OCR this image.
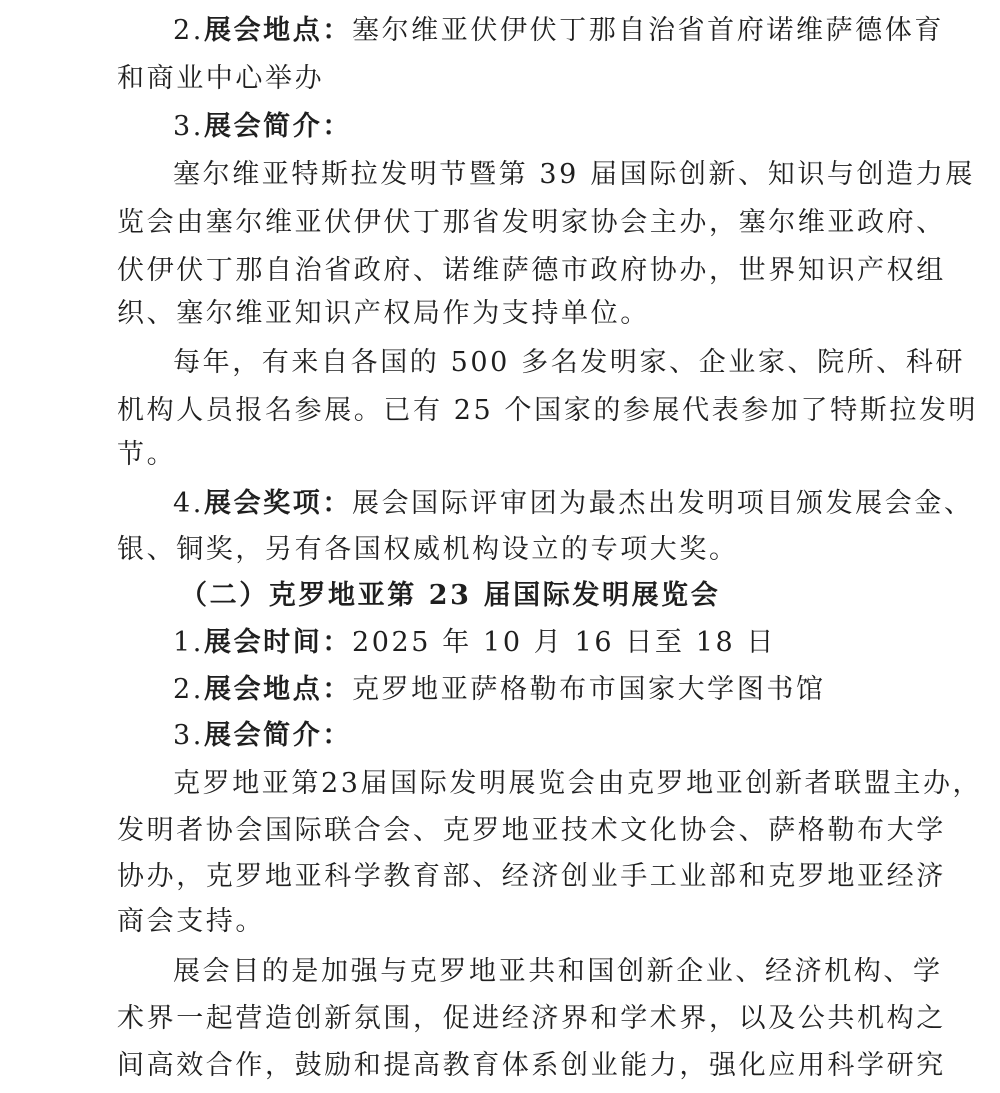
2.展会地点：塞尔维亚伏伊伏丁那自治省首府诺维萨德体育
和商业中心举办
3.展会简介：
塞尔维亚特斯拉发明节暨第 39 届国际创新、知识与创造力展
览会由塞尔维亚伏伊伏丁那省发明家协会主办，塞尔维亚政府、
伏伊伏丁那自治省政府、诺维萨德市政府协办，世界知识产权组
织、塞尔维亚知识产权局作为支持单位。
每年，有来自各国的 500 多名发明家、企业家、院所、科研
机构人员报名参展。已有 25 个国家的参展代表参加了特斯拉发明
节。
4.展会奖项：展会国际评审团为最杰出发明项目颁发展会金、
银、铜奖，另有各国权威机构设立的专项大奖。
（二）克罗地亚第 23 届国际发明展览会
1.展会时间：2025 年 10 月 16 日至 18 日
2.展会地点：克罗地亚萨格勒布市国家大学图书馆
3.展会简介：
克罗地亚第23届国际发明展览会由克罗地亚创新者联盟主办，
发明者协会国际联合会、克罗地亚技术文化协会、萨格勒布大学
协办，克罗地亚科学教育部、经济创业手工业部和克罗地亚经济
商会支持。
展会目的是加强与克罗地亚共和国创新企业、经济机构、学
术界一起营造创新氛围，促进经济界和学术界，以及公共机构之
间高效合作，鼓励和提高教育体系创业能力，强化应用科学研究
